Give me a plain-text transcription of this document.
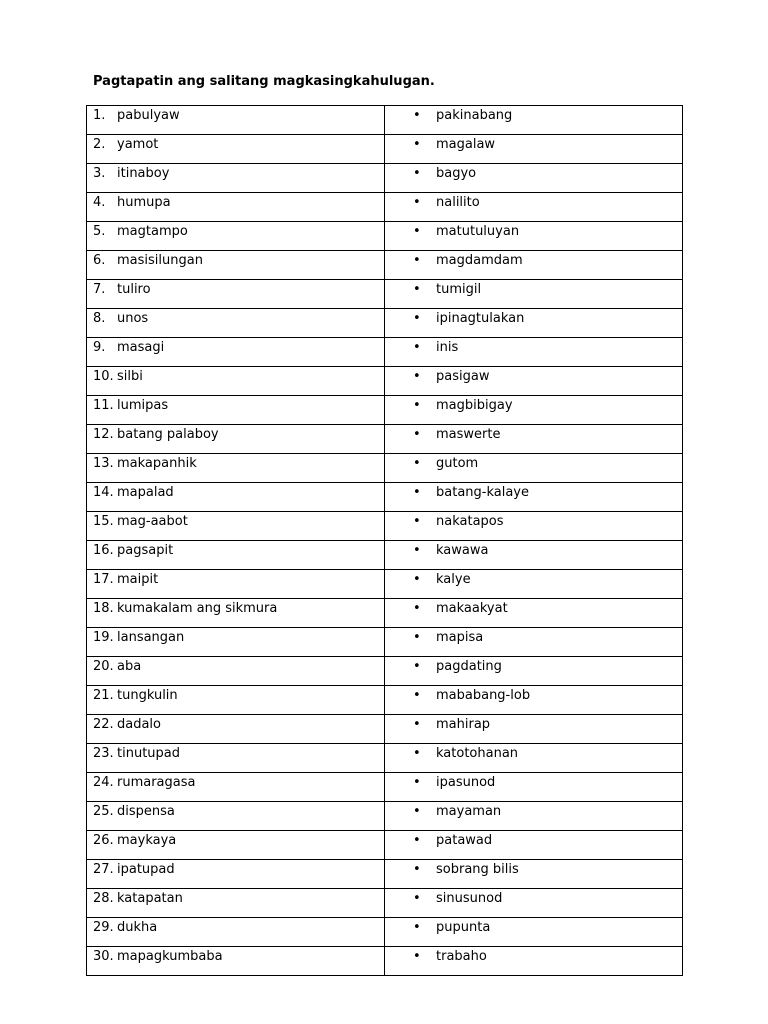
Pagtapatin ang salitang magkasingkahulugan.
1. pabulyaw	• pakinabang

2. yamot	• magalaw

3. itinaboy	• bagyo

4. humupa	• nalilito

5. magtampo	• matutuluyan

6. masisilungan	• magdamdam

7. tuliro	• tumigil

8. unos	• ipinagtulakan

9. masagi	• inis

10. silbi	• pasigaw

11. lumipas	• magbibigay

12. batang palaboy	• maswerte

13. makapanhik	• gutom

14. mapalad	• batang-kalaye

15. mag-aabot	• nakatapos

16. pagsapit	• kawawa

17. maipit	• kalye

18. kumakalam ang sikmura	• makaakyat

19. lansangan	• mapisa

20. aba	• pagdating

21. tungkulin	• mababang-lob

22. dadalo	• mahirap

23. tinutupad	• katotohanan

24. rumaragasa	• ipasunod

25. dispensa	• mayaman

26. maykaya	• patawad

27. ipatupad	• sobrang bilis

28. katapatan	• sinusunod

29. dukha	• pupunta

30. mapagkumbaba	• trabaho
